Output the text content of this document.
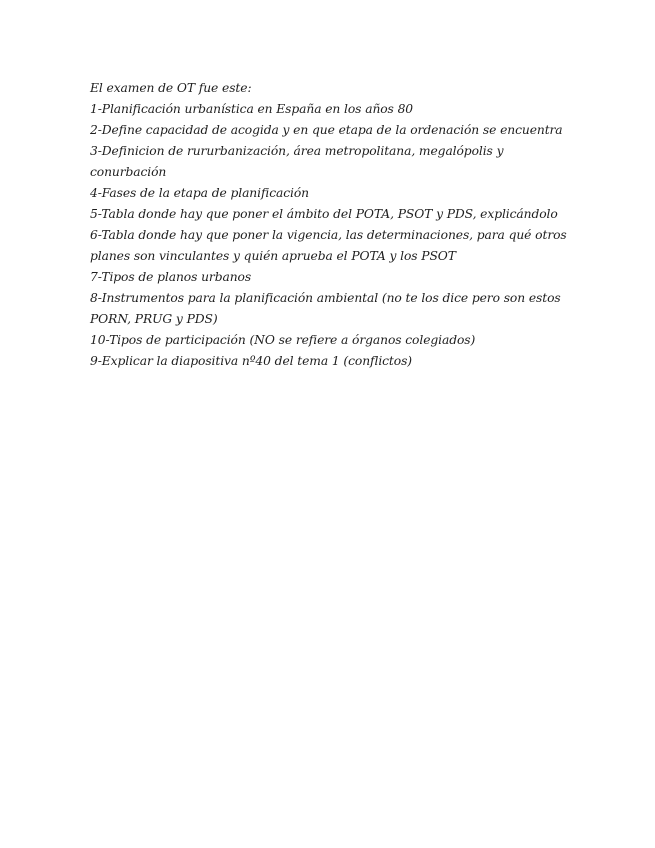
El examen de OT fue este:

1-Planificación urbanística en España en los años 80

2-Define capacidad de acogida y en que etapa de la ordenación se encuentra

3-Definicion de rururbanización, área metropolitana, megalópolis y conurbación

4-Fases de la etapa de planificación

5-Tabla donde hay que poner el ámbito del POTA, PSOT y PDS, explicándolo

6-Tabla donde hay que poner la vigencia, las determinaciones, para qué otros planes son vinculantes y quién aprueba el POTA y los PSOT

7-Tipos de planos urbanos

8-Instrumentos para la planificación ambiental (no te los dice pero son estos PORN, PRUG y PDS)

10-Tipos de participación (NO se refiere a órganos colegiados)

9-Explicar la diapositiva nº40 del tema 1 (conflictos)
